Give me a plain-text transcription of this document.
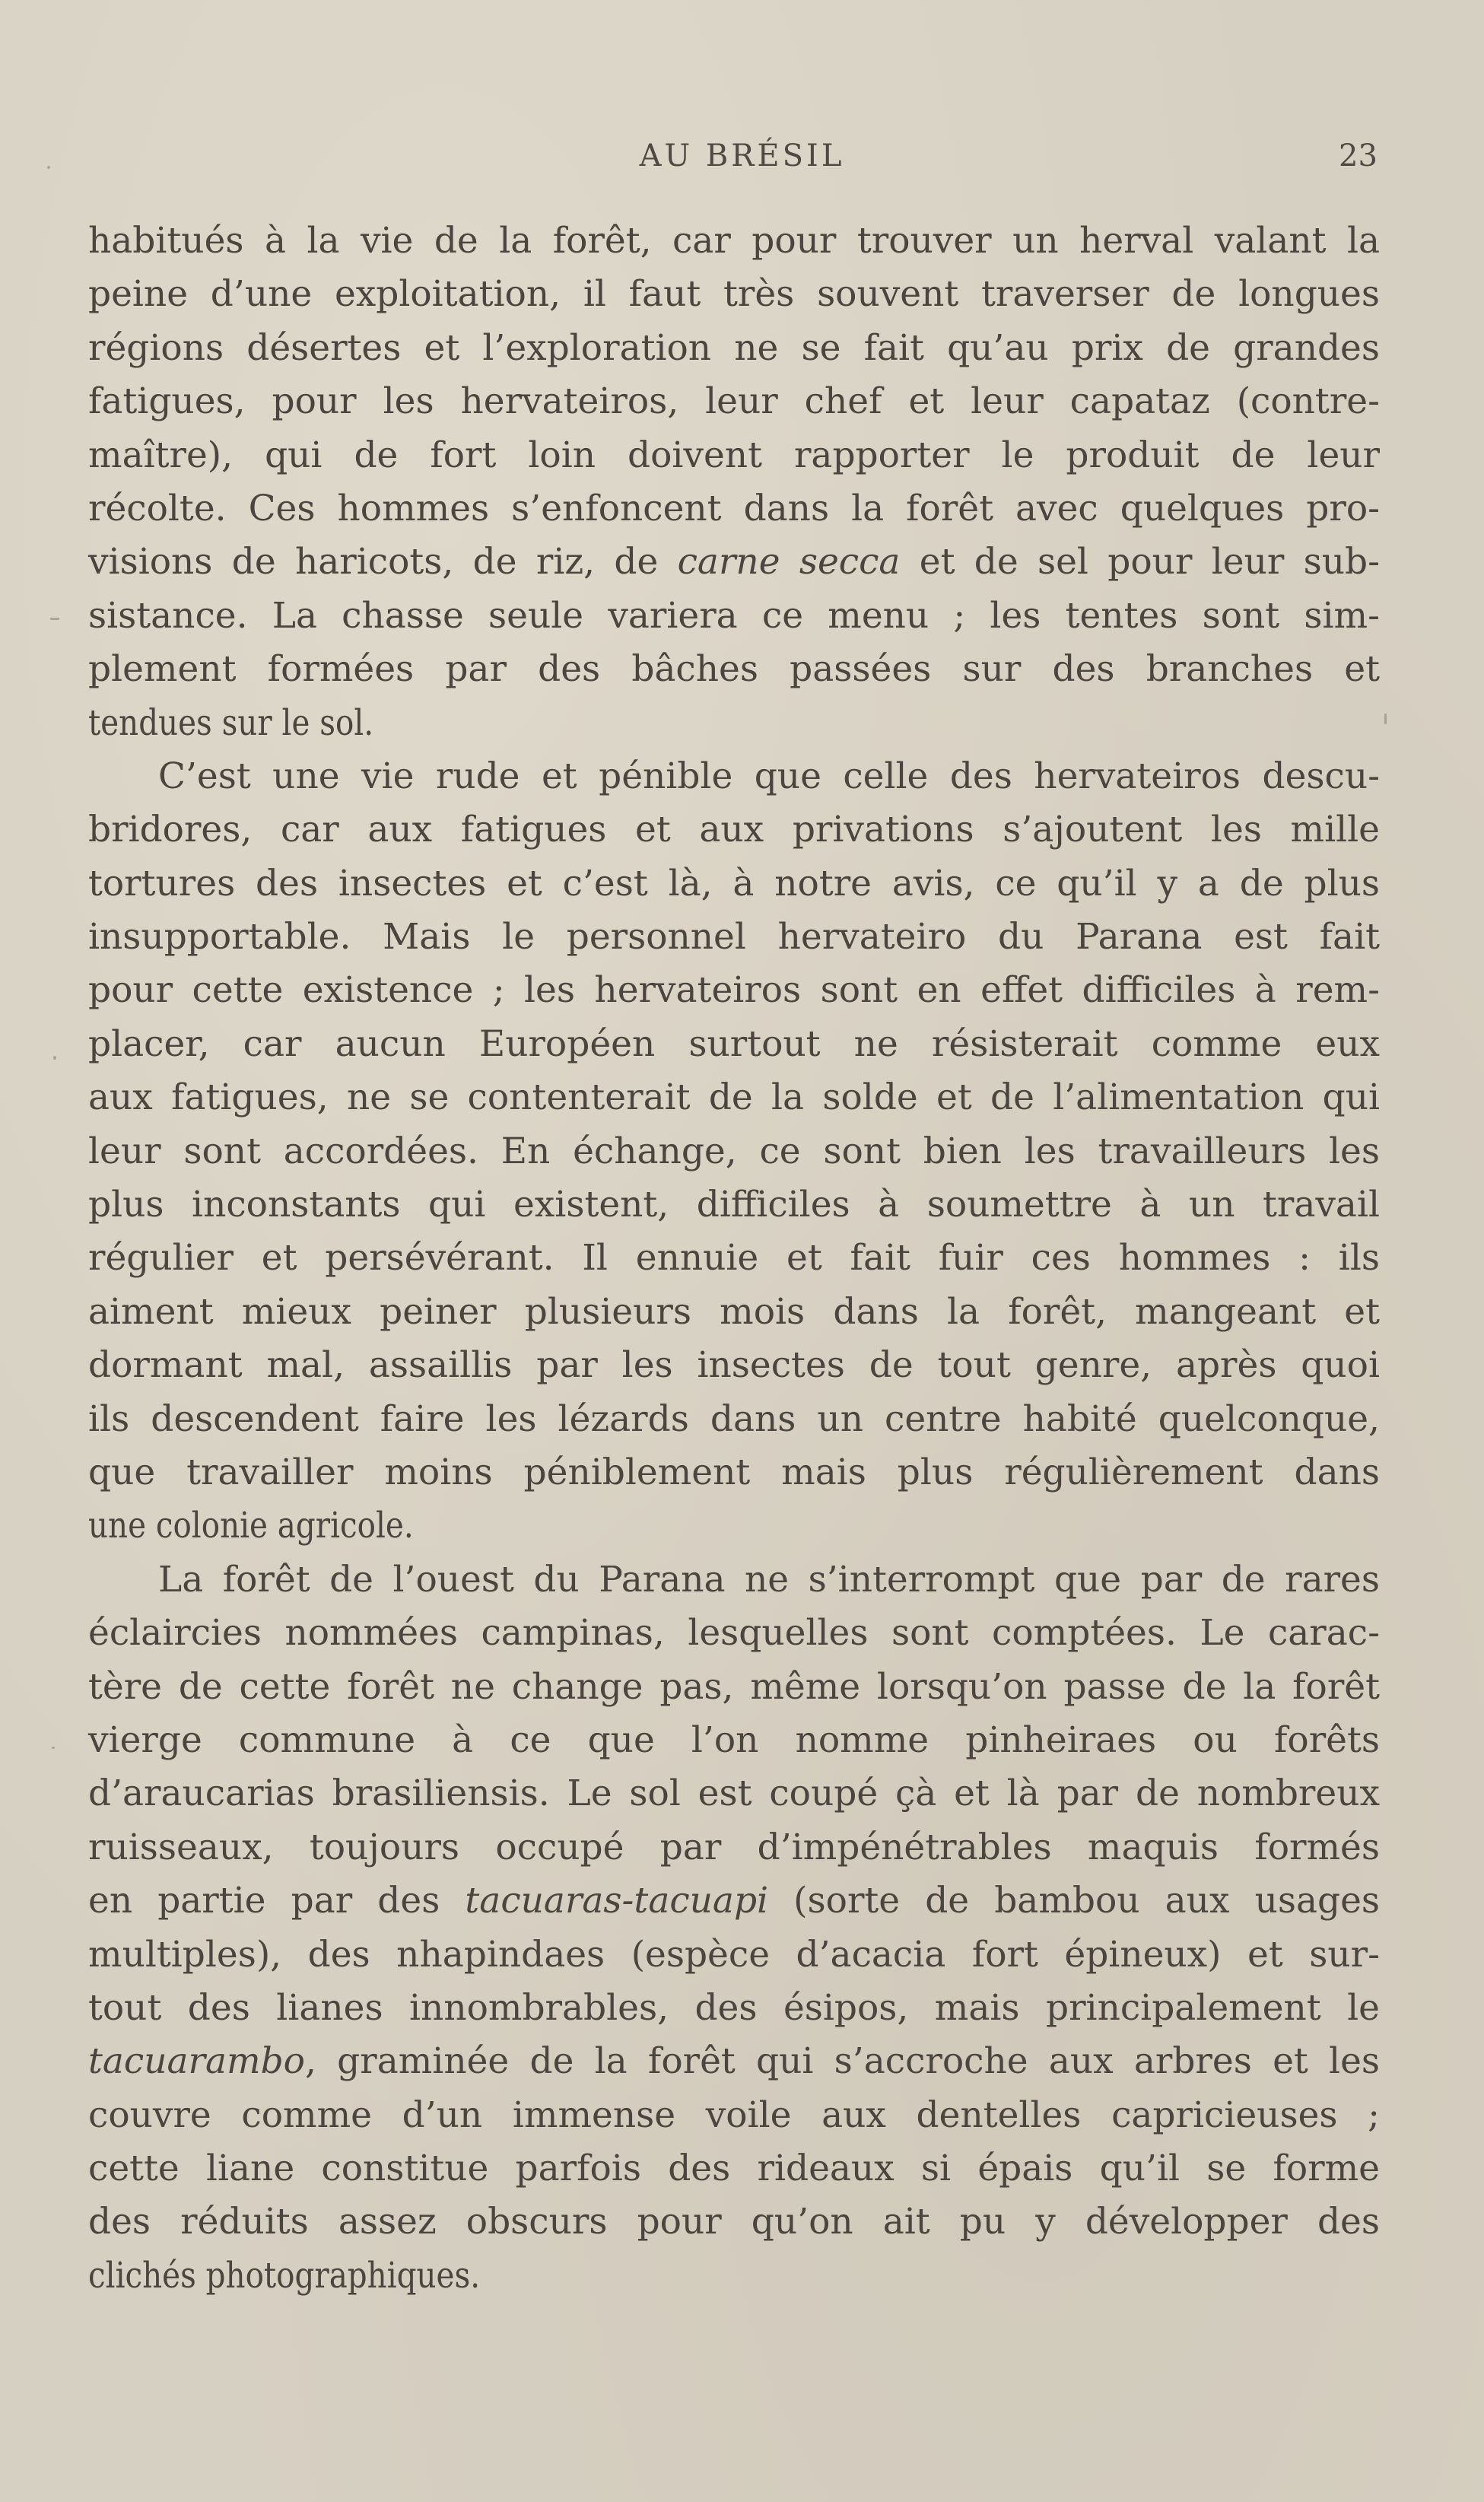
AU BRÉSIL	23
habitués à la vie de la forêt, car pour trouver un herval valant la
peine d’une exploitation, il faut très souvent traverser de longues
régions désertes et l’exploration ne se fait qu’au prix de grandes
fatigues, pour les hervateiros, leur chef et leur capataz (contre-
maître), qui de fort loin doivent rapporter le produit de leur
récolte. Ces hommes s’enfoncent dans la forêt avec quelques pro-
visions de haricots, de riz, de carne secca et de sel pour leur sub-
sistance. La chasse seule variera ce menu ; les tentes sont sim-
plement formées par des bâches passées sur des branches et
tendues sur le sol.
C’est une vie rude et pénible que celle des hervateiros descu-
bridores, car aux fatigues et aux privations s’ajoutent les mille
tortures des insectes et c’est là, à notre avis, ce qu’il y a de plus
insupportable. Mais le personnel hervateiro du Parana est fait
pour cette existence ; les hervateiros sont en effet difficiles à rem-
placer, car aucun Européen surtout ne résisterait comme eux
aux fatigues, ne se contenterait de la solde et de l’alimentation qui
leur sont accordées. En échange, ce sont bien les travailleurs les
plus inconstants qui existent, difficiles à soumettre à un travail
régulier et persévérant. Il ennuie et fait fuir ces hommes : ils
aiment mieux peiner plusieurs mois dans la forêt, mangeant et
dormant mal, assaillis par les insectes de tout genre, après quoi
ils descendent faire les lézards dans un centre habité quelconque,
que travailler moins péniblement mais plus régulièrement dans
une colonie agricole.
La forêt de l’ouest du Parana ne s’interrompt que par de rares
éclaircies nommées campinas, lesquelles sont comptées. Le carac-
tère de cette forêt ne change pas, même lorsqu’on passe de la forêt
vierge commune à ce que l’on nomme pinheiraes ou forêts
d’araucarias brasiliensis. Le sol est coupé çà et là par de nombreux
ruisseaux, toujours occupé par d’impénétrables maquis formés
en partie par des tacuaras-tacuapi (sorte de bambou aux usages
multiples), des nhapindaes (espèce d’acacia fort épineux) et sur-
tout des lianes innombrables, des ésipos, mais principalement le
tacuarambo, graminée de la forêt qui s’accroche aux arbres et les
couvre comme d’un immense voile aux dentelles capricieuses ;
cette liane constitue parfois des rideaux si épais qu’il se forme
des réduits assez obscurs pour qu’on ait pu y développer des
clichés photographiques.
